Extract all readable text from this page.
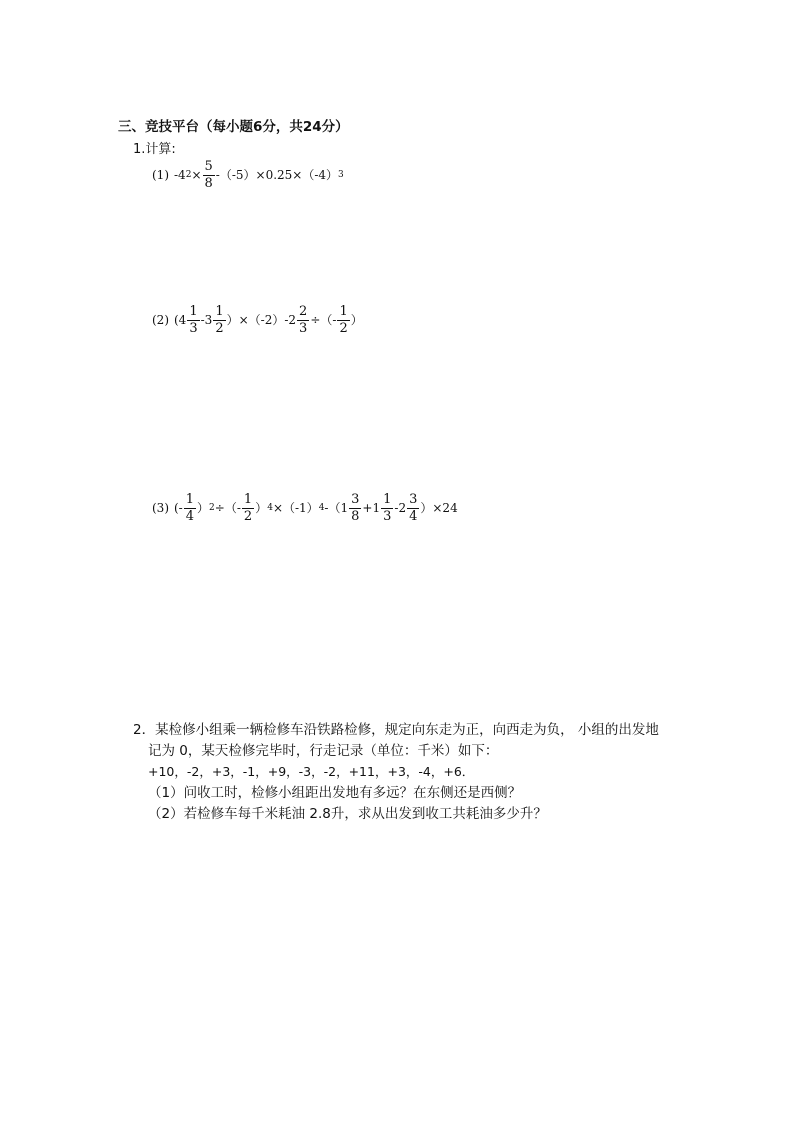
三、竞技平台（每小题6分，共24分）
1.计算:
(1) -4 $2 \times \frac{5}{8} -(-5)\times 0.25\times(-4)$ 3
(2) $(4 \frac{1}{3} -3 \frac{1}{2} )\times(-2)-2 \frac{2}{3}$ ÷（- $\frac{1}{2}$ ）
(3) (- $\frac{1}{4}$ ） 2 ÷（- $\frac{1}{2}$ ） 4 ×（-1） 4 $-(1 \frac{3}{8} +1 \frac{1}{3} -2 \frac{3}{4} )\times 24$
2．某检修小组乘一辆检修车沿铁路检修，规定向东走为正，向西走为负， 小组的出发地
记为 0，某天检修完毕时，行走记录（单位：千米）如下：
+10，-2，+3，-1，+9，-3，-2，+11，+3，-4，+6．
（1）问收工时，检修小组距出发地有多远？在东侧还是西侧？
（2）若检修车每千米耗油 2.8升，求从出发到收工共耗油多少升？
